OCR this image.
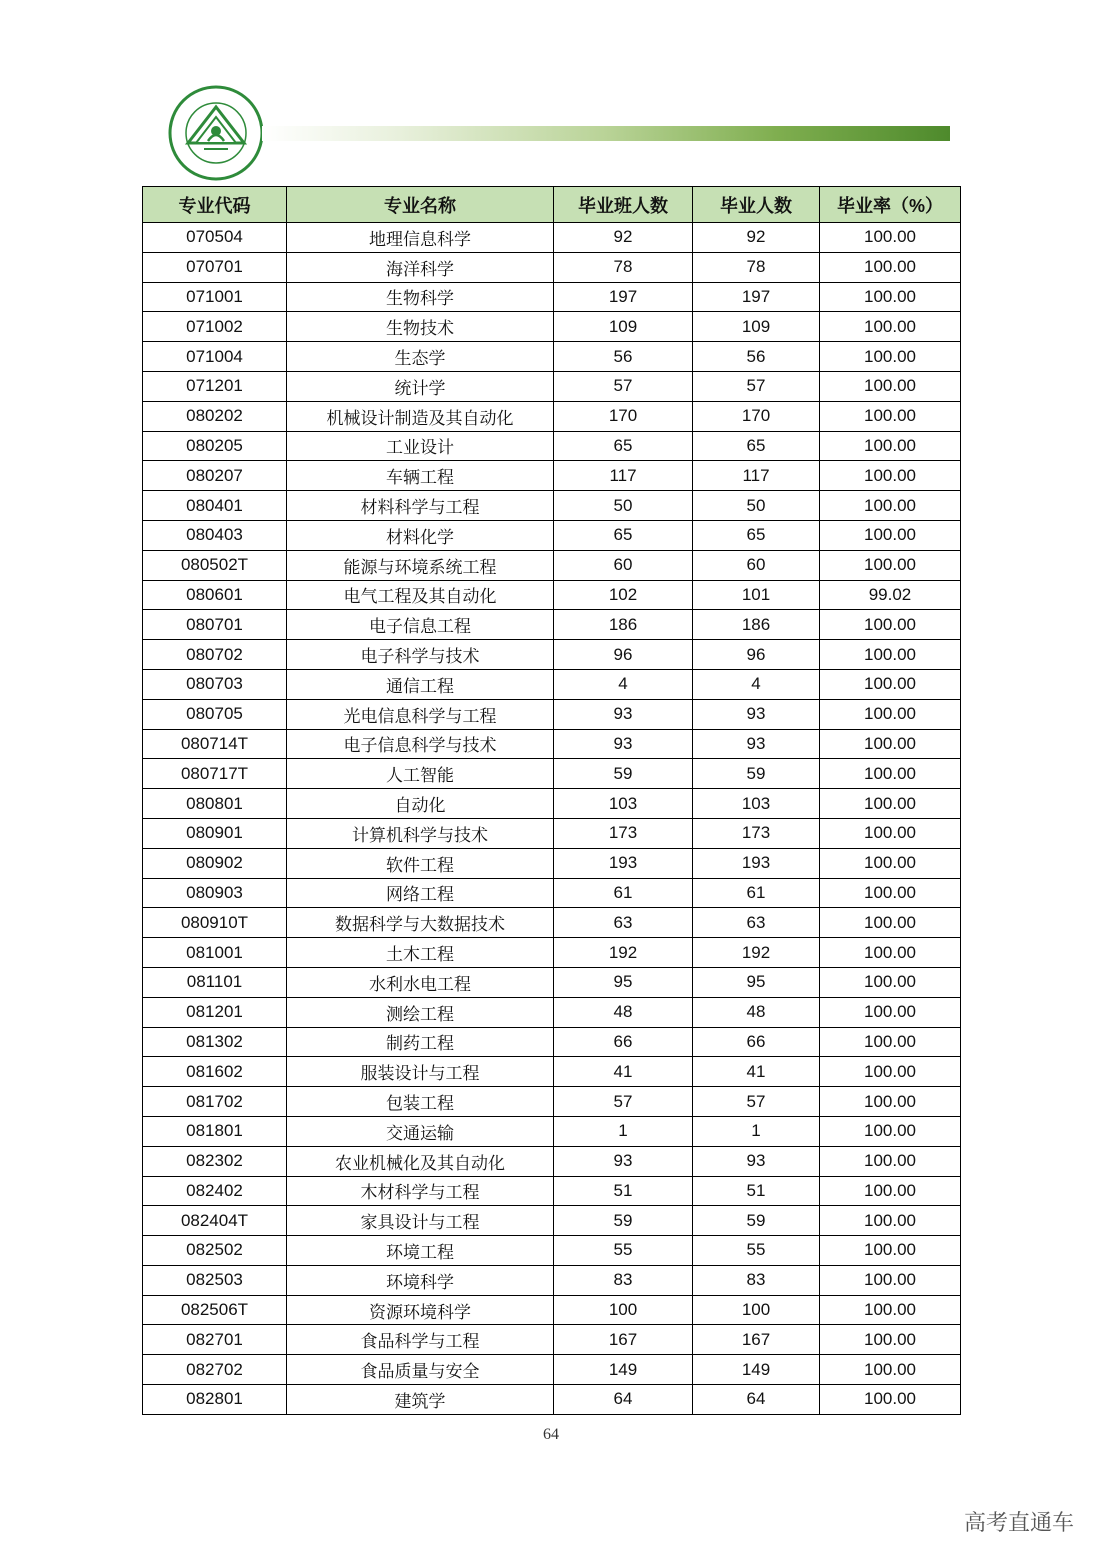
专业代码	专业名称	毕业班人数	毕业人数	毕业率（%）
070504	地理信息科学	92	92	100.00
070701	海洋科学	78	78	100.00
071001	生物科学	197	197	100.00
071002	生物技术	109	109	100.00
071004	生态学	56	56	100.00
071201	统计学	57	57	100.00
080202	机械设计制造及其自动化	170	170	100.00
080205	工业设计	65	65	100.00
080207	车辆工程	117	117	100.00
080401	材料科学与工程	50	50	100.00
080403	材料化学	65	65	100.00
080502T	能源与环境系统工程	60	60	100.00
080601	电气工程及其自动化	102	101	99.02
080701	电子信息工程	186	186	100.00
080702	电子科学与技术	96	96	100.00
080703	通信工程	4	4	100.00
080705	光电信息科学与工程	93	93	100.00
080714T	电子信息科学与技术	93	93	100.00
080717T	人工智能	59	59	100.00
080801	自动化	103	103	100.00
080901	计算机科学与技术	173	173	100.00
080902	软件工程	193	193	100.00
080903	网络工程	61	61	100.00
080910T	数据科学与大数据技术	63	63	100.00
081001	土木工程	192	192	100.00
081101	水利水电工程	95	95	100.00
081201	测绘工程	48	48	100.00
081302	制药工程	66	66	100.00
081602	服装设计与工程	41	41	100.00
081702	包装工程	57	57	100.00
081801	交通运输	1	1	100.00
082302	农业机械化及其自动化	93	93	100.00
082402	木材科学与工程	51	51	100.00
082404T	家具设计与工程	59	59	100.00
082502	环境工程	55	55	100.00
082503	环境科学	83	83	100.00
082506T	资源环境科学	100	100	100.00
082701	食品科学与工程	167	167	100.00
082702	食品质量与安全	149	149	100.00
082801	建筑学	64	64	100.00
64
高考直通车
